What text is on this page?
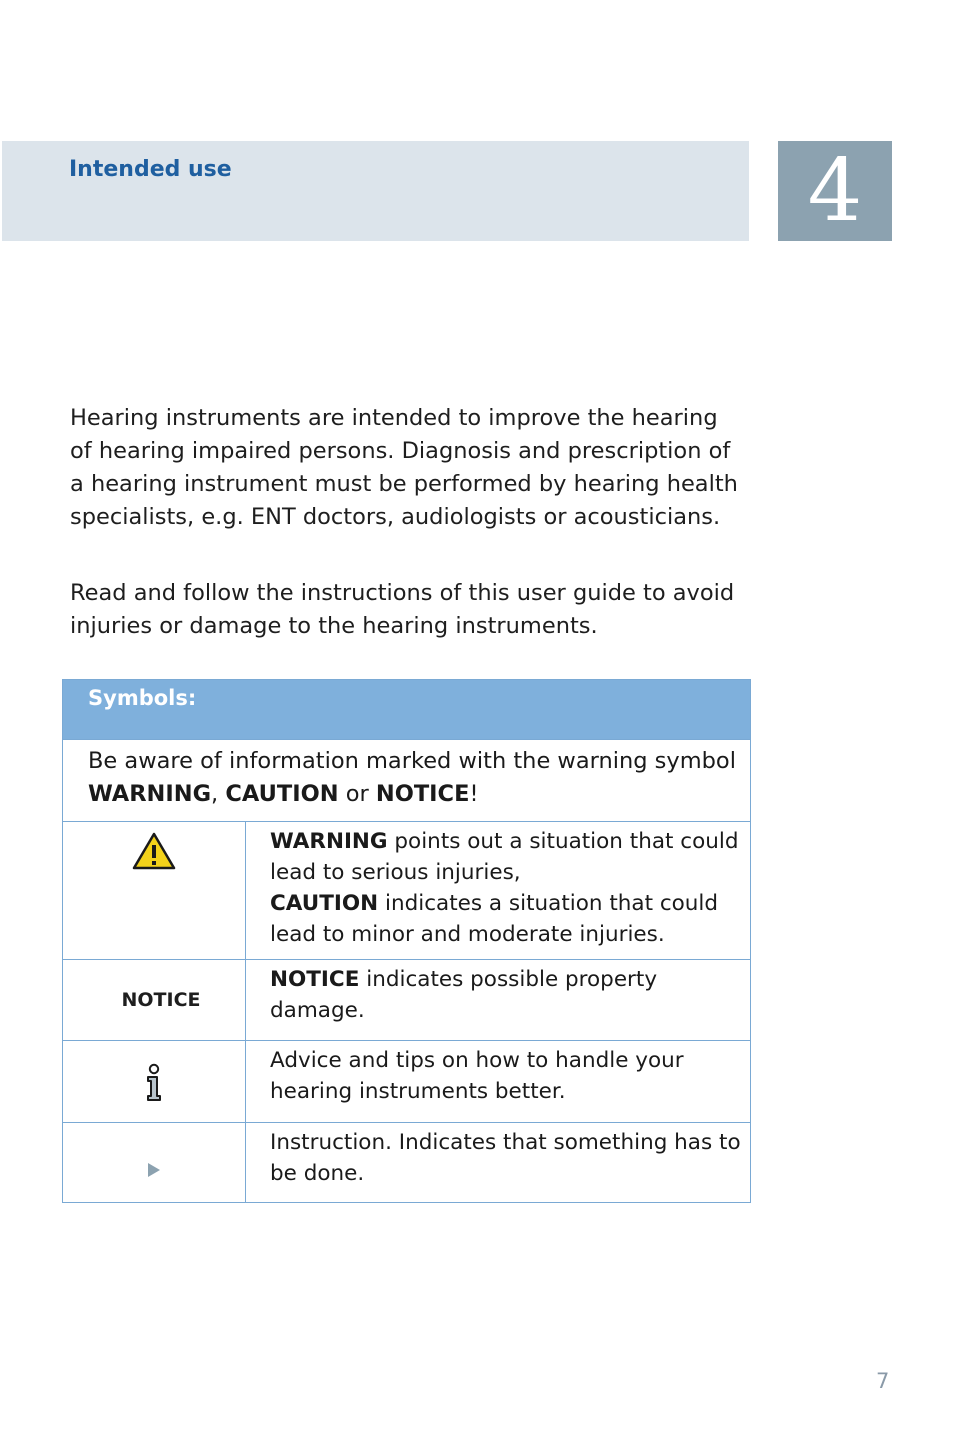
Intended use	4
Hearing instruments are intended to improve the hearing of hearing impaired persons. Diagnosis and prescription of a hearing instrument must be performed by hearing health specialists, e.g. ENT doctors, audiologists or acousticians.
Read and follow the instructions of this user guide to avoid injuries or damage to the hearing instruments.
Symbols:
Be aware of information marked with the warning symbol WARNING, CAUTION or NOTICE!
WARNING points out a situation that could lead to serious injuries,
CAUTION indicates a situation that could lead to minor and moderate injuries.
NOTICE
NOTICE indicates possible property damage.
Advice and tips on how to handle your hearing instruments better.
Instruction. Indicates that something has to be done.
7
